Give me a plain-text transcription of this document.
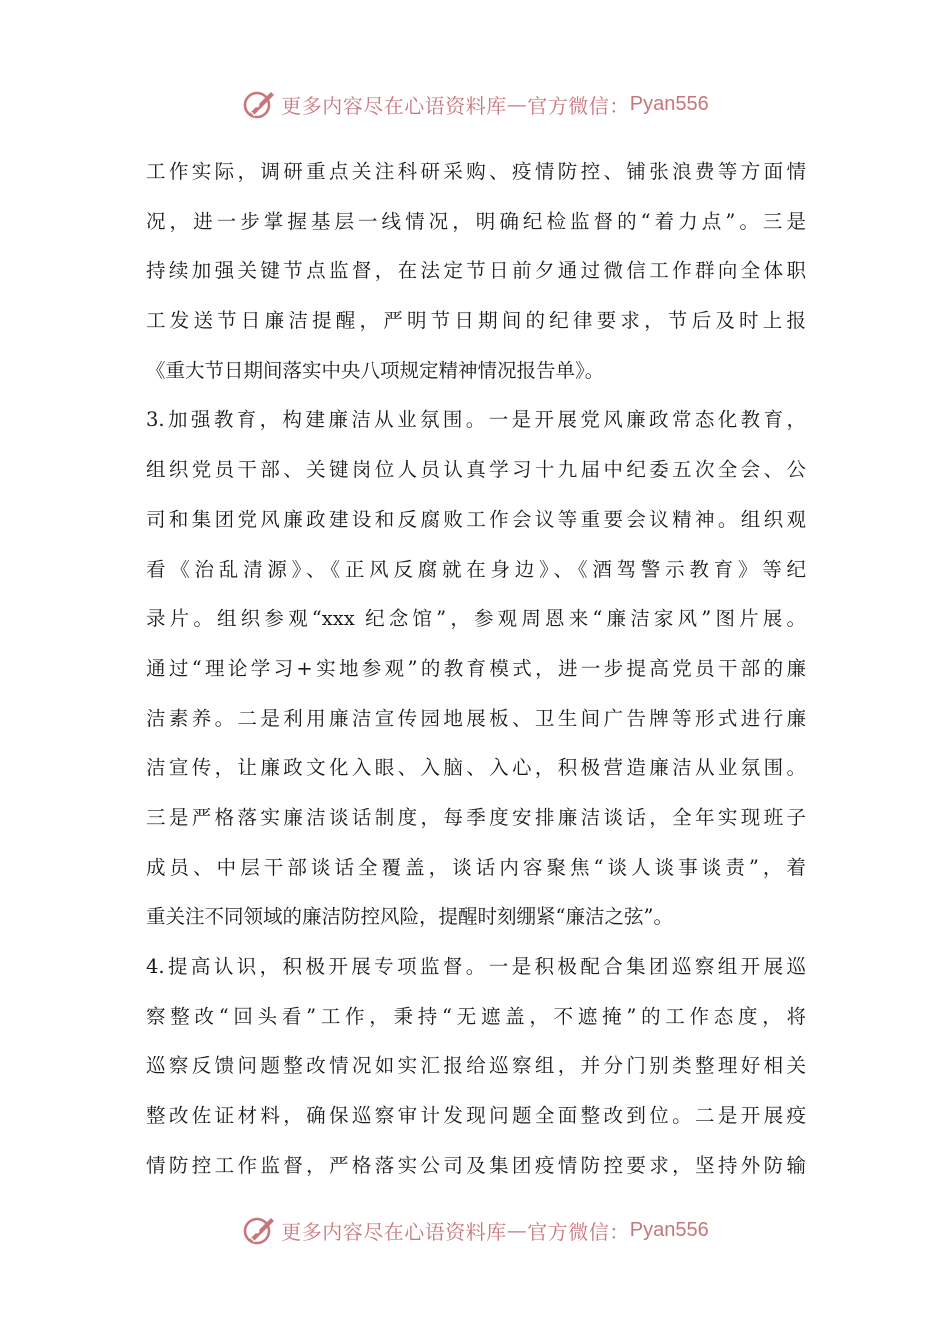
更多内容尽在心语资料库 — 官方微信： Pyan556
工作实际，调研重点关注科研采购、疫情防控、铺张浪费等方面情
况，进一步掌握基层一线情况，明确纪检监督的“着力点”。三是
持续加强关键节点监督，在法定节日前夕通过微信工作群向全体职
工发送节日廉洁提醒，严明节日期间的纪律要求，节后及时上报
《重大节日期间落实中央八项规定精神情况报告单》。
3.加强教育，构建廉洁从业氛围。一是开展党风廉政常态化教育，
组织党员干部、关键岗位人员认真学习十九届中纪委五次全会、公
司和集团党风廉政建设和反腐败工作会议等重要会议精神。组织观
看《治乱清源》、《正风反腐就在身边》、《酒驾警示教育》等纪
录片。组织参观“xxx 纪念馆”，参观周恩来“廉洁家风”图片展。
通过“理论学习+实地参观”的教育模式，进一步提高党员干部的廉
洁素养。二是利用廉洁宣传园地展板、卫生间广告牌等形式进行廉
洁宣传，让廉政文化入眼、入脑、入心，积极营造廉洁从业氛围。
三是严格落实廉洁谈话制度，每季度安排廉洁谈话，全年实现班子
成员、中层干部谈话全覆盖，谈话内容聚焦“谈人谈事谈责”，着
重关注不同领域的廉洁防控风险，提醒时刻绷紧“廉洁之弦”。
4.提高认识，积极开展专项监督。一是积极配合集团巡察组开展巡
察整改“回头看”工作，秉持“无遮盖，不遮掩”的工作态度，将
巡察反馈问题整改情况如实汇报给巡察组，并分门别类整理好相关
整改佐证材料，确保巡察审计发现问题全面整改到位。二是开展疫
情防控工作监督，严格落实公司及集团疫情防控要求，坚持外防输
更多内容尽在心语资料库 — 官方微信： Pyan556
